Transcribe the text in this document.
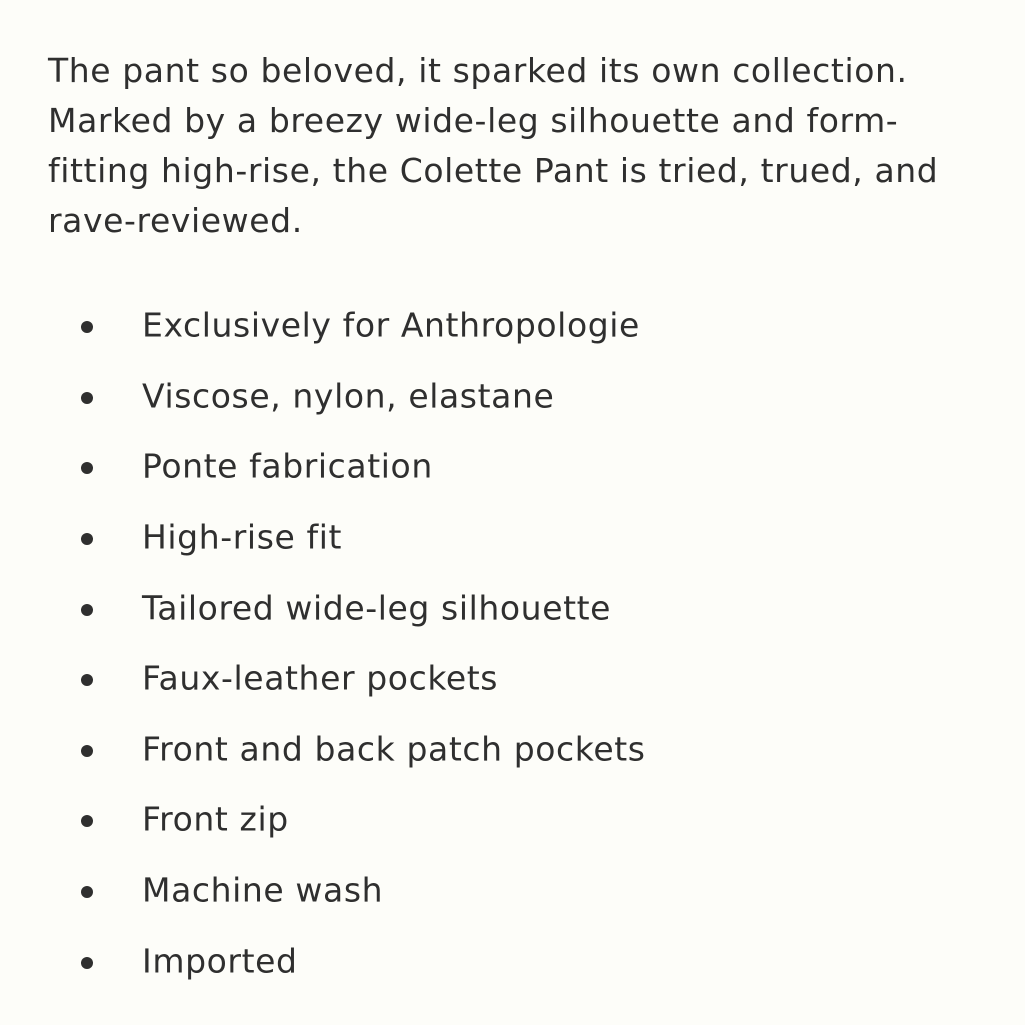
The pant so beloved, it sparked its own collection. Marked by a breezy wide-leg silhouette and form-fitting high-rise, the Colette Pant is tried, trued, and rave-reviewed.

Exclusively for Anthropologie
Viscose, nylon, elastane
Ponte fabrication
High-rise fit
Tailored wide-leg silhouette
Faux-leather pockets
Front and back patch pockets
Front zip
Machine wash
Imported
